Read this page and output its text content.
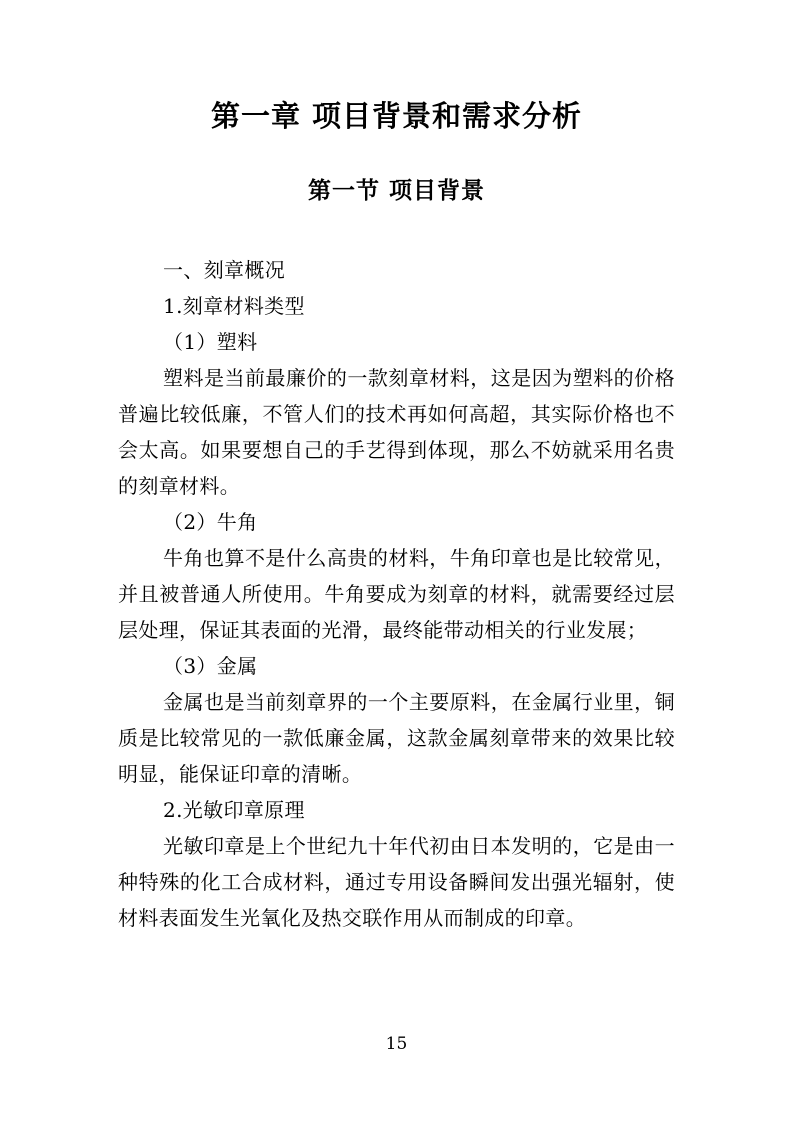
第一章 项目背景和需求分析
第一节 项目背景

一、刻章概况

1.刻章材料类型

（1）塑料

塑料是当前最廉价的一款刻章材料，这是因为塑料的价格普遍比较低廉，不管人们的技术再如何高超，其实际价格也不会太高。如果要想自己的手艺得到体现，那么不妨就采用名贵的刻章材料。

（2）牛角

牛角也算不是什么高贵的材料，牛角印章也是比较常见，并且被普通人所使用。牛角要成为刻章的材料，就需要经过层层处理，保证其表面的光滑，最终能带动相关的行业发展；

（3）金属

金属也是当前刻章界的一个主要原料，在金属行业里，铜质是比较常见的一款低廉金属，这款金属刻章带来的效果比较明显，能保证印章的清晰。

2.光敏印章原理

光敏印章是上个世纪九十年代初由日本发明的，它是由一种特殊的化工合成材料，通过专用设备瞬间发出强光辐射，使材料表面发生光氧化及热交联作用从而制成的印章。

15
